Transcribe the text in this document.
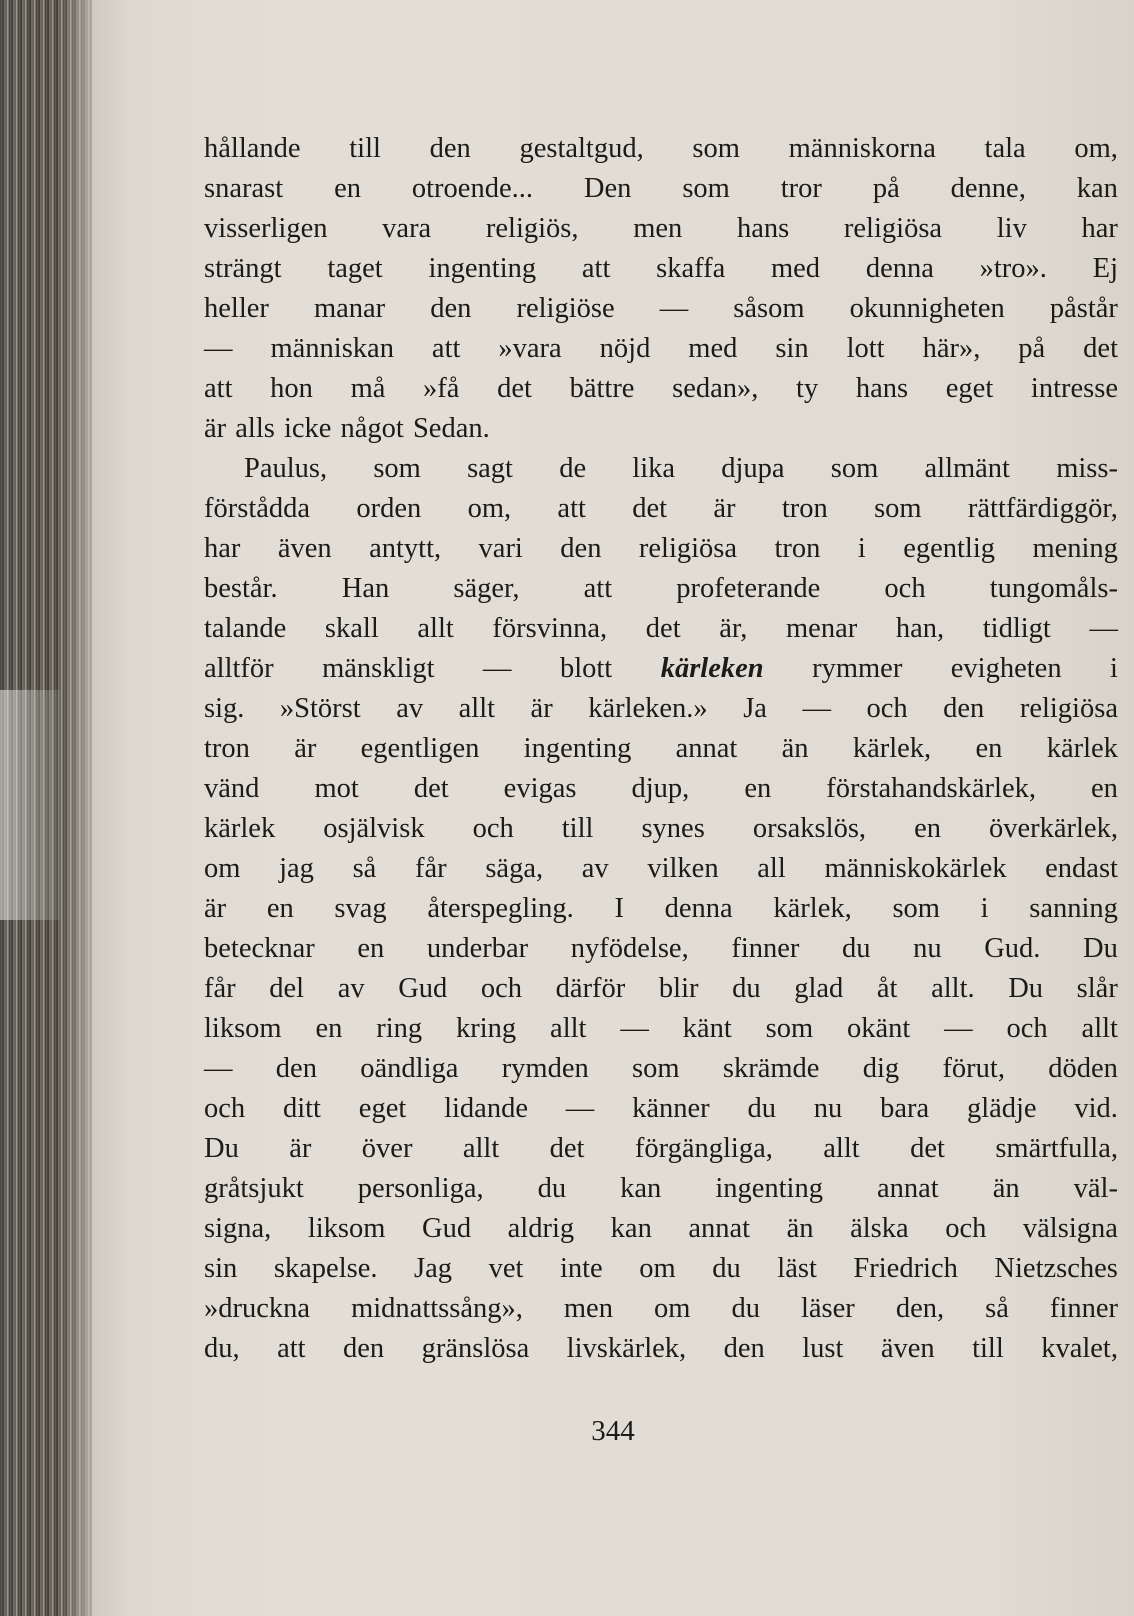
hållande till den gestaltgud, som människorna tala om,
snarast en otroende... Den som tror på denne, kan
visserligen vara religiös, men hans religiösa liv har
strängt taget ingenting att skaffa med denna »tro». Ej
heller manar den religiöse — såsom okunnigheten påstår
— människan att »vara nöjd med sin lott här», på det
att hon må »få det bättre sedan», ty hans eget intresse
är alls icke något Sedan.
Paulus, som sagt de lika djupa som allmänt miss-
förstådda orden om, att det är tron som rättfärdiggör,
har även antytt, vari den religiösa tron i egentlig mening
består. Han säger, att profeterande och tungomåls-
talande skall allt försvinna, det är, menar han, tidligt —
alltför mänskligt — blott kärleken rymmer evigheten i
sig. »Störst av allt är kärleken.» Ja — och den religiösa
tron är egentligen ingenting annat än kärlek, en kärlek
vänd mot det evigas djup, en förstahandskärlek, en
kärlek osjälvisk och till synes orsakslös, en överkärlek,
om jag så får säga, av vilken all människokärlek endast
är en svag återspegling. I denna kärlek, som i sanning
betecknar en underbar nyfödelse, finner du nu Gud. Du
får del av Gud och därför blir du glad åt allt. Du slår
liksom en ring kring allt — känt som okänt — och allt
— den oändliga rymden som skrämde dig förut, döden
och ditt eget lidande — känner du nu bara glädje vid.
Du är över allt det förgängliga, allt det smärtfulla,
gråtsjukt personliga, du kan ingenting annat än väl-
signa, liksom Gud aldrig kan annat än älska och välsigna
sin skapelse. Jag vet inte om du läst Friedrich Nietzsches
»druckna midnattssång», men om du läser den, så finner
du, att den gränslösa livskärlek, den lust även till kvalet,
344
